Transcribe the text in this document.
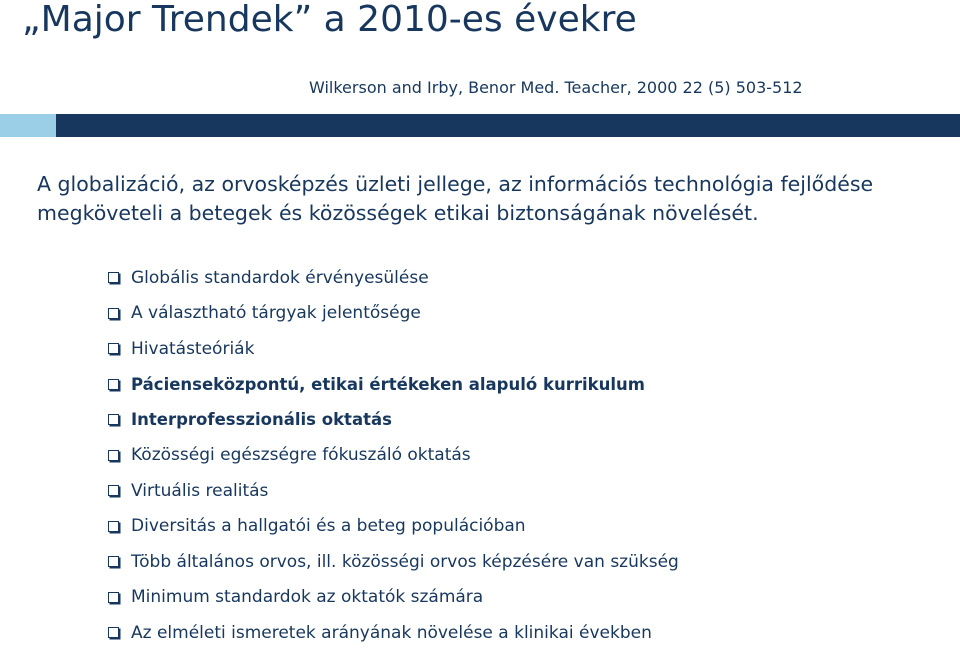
„Major Trendek” a 2010-es évekre
Wilkerson and Irby, Benor Med. Teacher, 2000 22 (5) 503-512

A globalizáció, az orvosképzés üzleti jellege, az információs technológia fejlődése megköveteli a betegek és közösségek etikai biztonságának növelését.

Globális standardok érvényesülése
A választható tárgyak jelentősége
Hivatásteóriák
Pácienseközpontú, etikai értékeken alapuló kurrikulum
Interprofesszionális oktatás
Közösségi egészségre fókuszáló oktatás
Virtuális realitás
Diversitás a hallgatói és a beteg populációban
Több általános orvos, ill. közösségi orvos képzésére van szükség
Minimum standardok az oktatók számára
Az elméleti ismeretek arányának növelése a klinikai években
